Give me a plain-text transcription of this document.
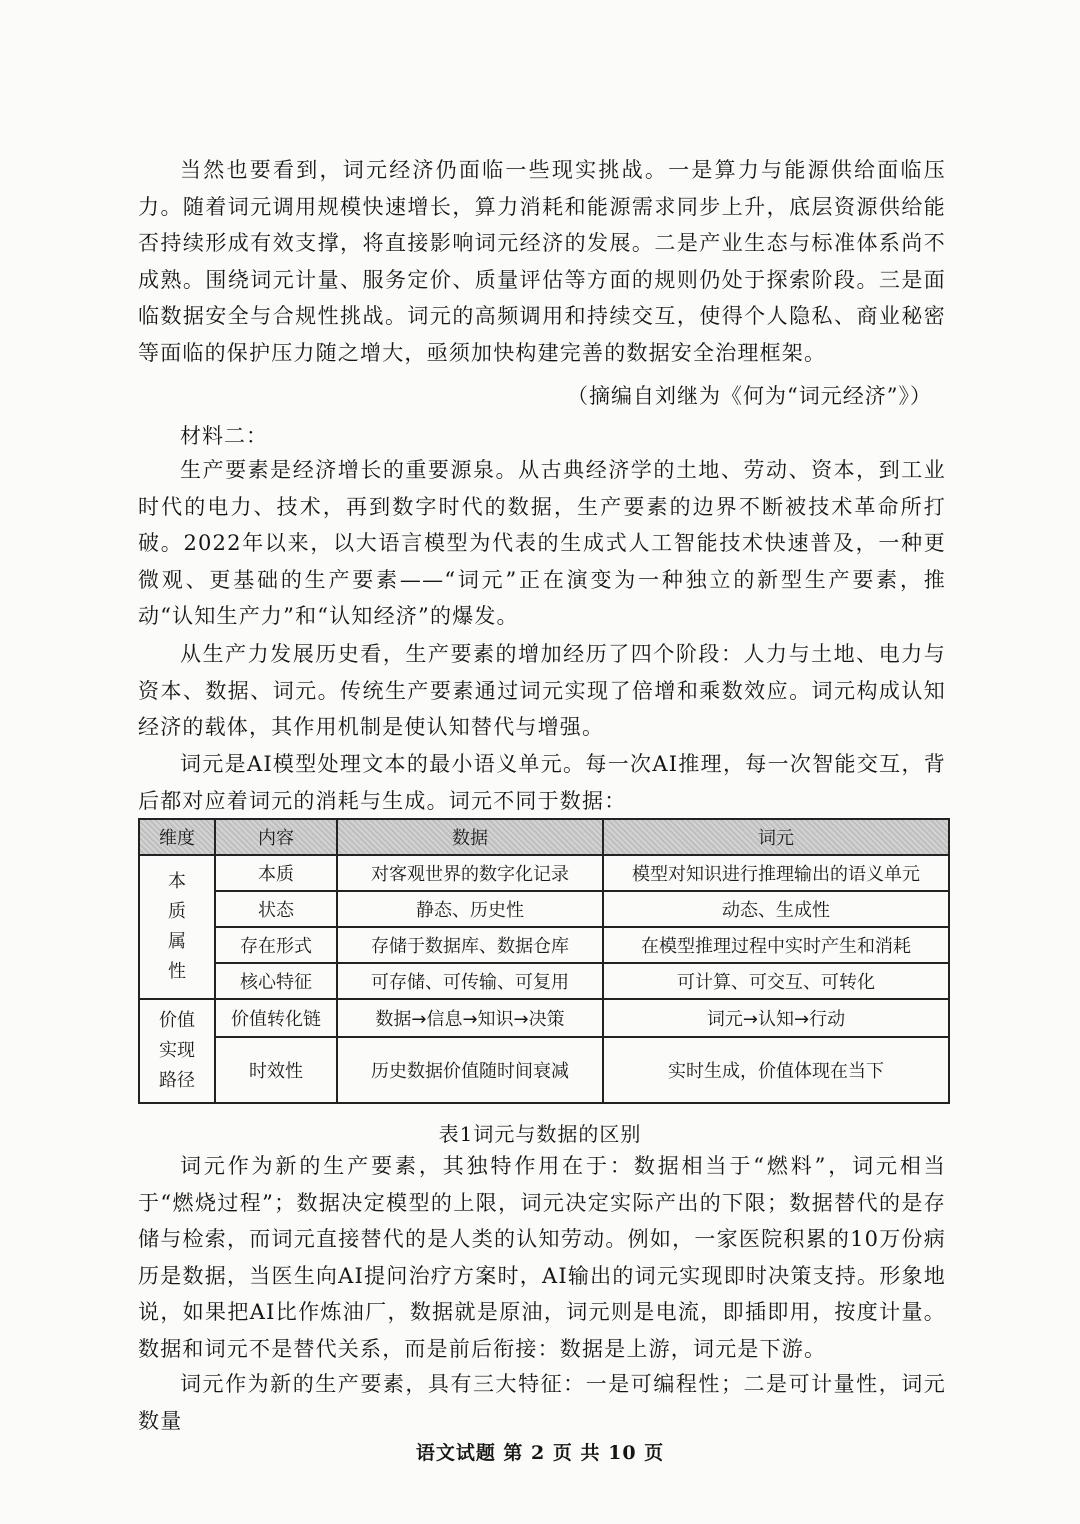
当然也要看到，词元经济仍面临一些现实挑战。一是算力与能源供给面临压力。随着词元调用规模快速增长，算力消耗和能源需求同步上升，底层资源供给能否持续形成有效支撑，将直接影响词元经济的发展。二是产业生态与标准体系尚不成熟。围绕词元计量、服务定价、质量评估等方面的规则仍处于探索阶段。三是面临数据安全与合规性挑战。词元的高频调用和持续交互，使得个人隐私、商业秘密等面临的保护压力随之增大，亟须加快构建完善的数据安全治理框架。

（摘编自刘继为《何为“词元经济”》）
材料二：

生产要素是经济增长的重要源泉。从古典经济学的土地、劳动、资本，到工业时代的电力、技术，再到数字时代的数据，生产要素的边界不断被技术革命所打破。2022年以来，以大语言模型为代表的生成式人工智能技术快速普及，一种更微观、更基础的生产要素——“词元”正在演变为一种独立的新型生产要素，推动“认知生产力”和“认知经济”的爆发。

从生产力发展历史看，生产要素的增加经历了四个阶段：人力与土地、电力与资本、数据、词元。传统生产要素通过词元实现了倍增和乘数效应。词元构成认知经济的载体，其作用机制是使认知替代与增强。

词元是AI模型处理文本的最小语义单元。每一次AI推理，每一次智能交互，背后都对应着词元的消耗与生成。词元不同于数据：

维度	内容	数据	词元

本
质
属
性	本质	对客观世界的数字化记录	模型对知识进行推理输出的语义单元
	状态	静态、历史性	动态、生成性
	存在形式	存储于数据库、数据仓库	在模型推理过程中实时产生和消耗
	核心特征	可存储、可传输、可复用	可计算、可交互、可转化

价值
实现
路径	价值转化链	数据→信息→知识→决策	词元→认知→行动
	时效性	历史数据价值随时间衰减	实时生成，价值体现在当下
表1词元与数据的区别

词元作为新的生产要素，其独特作用在于：数据相当于“燃料”，词元相当于“燃烧过程”；数据决定模型的上限，词元决定实际产出的下限；数据替代的是存储与检索，而词元直接替代的是人类的认知劳动。例如，一家医院积累的10万份病历是数据，当医生向AI提问治疗方案时，AI输出的词元实现即时决策支持。形象地说，如果把AI比作炼油厂，数据就是原油，词元则是电流，即插即用，按度计量。数据和词元不是替代关系，而是前后衔接：数据是上游，词元是下游。

词元作为新的生产要素，具有三大特征：一是可编程性；二是可计量性，词元数量

语文试题 第 2 页 共 10 页
